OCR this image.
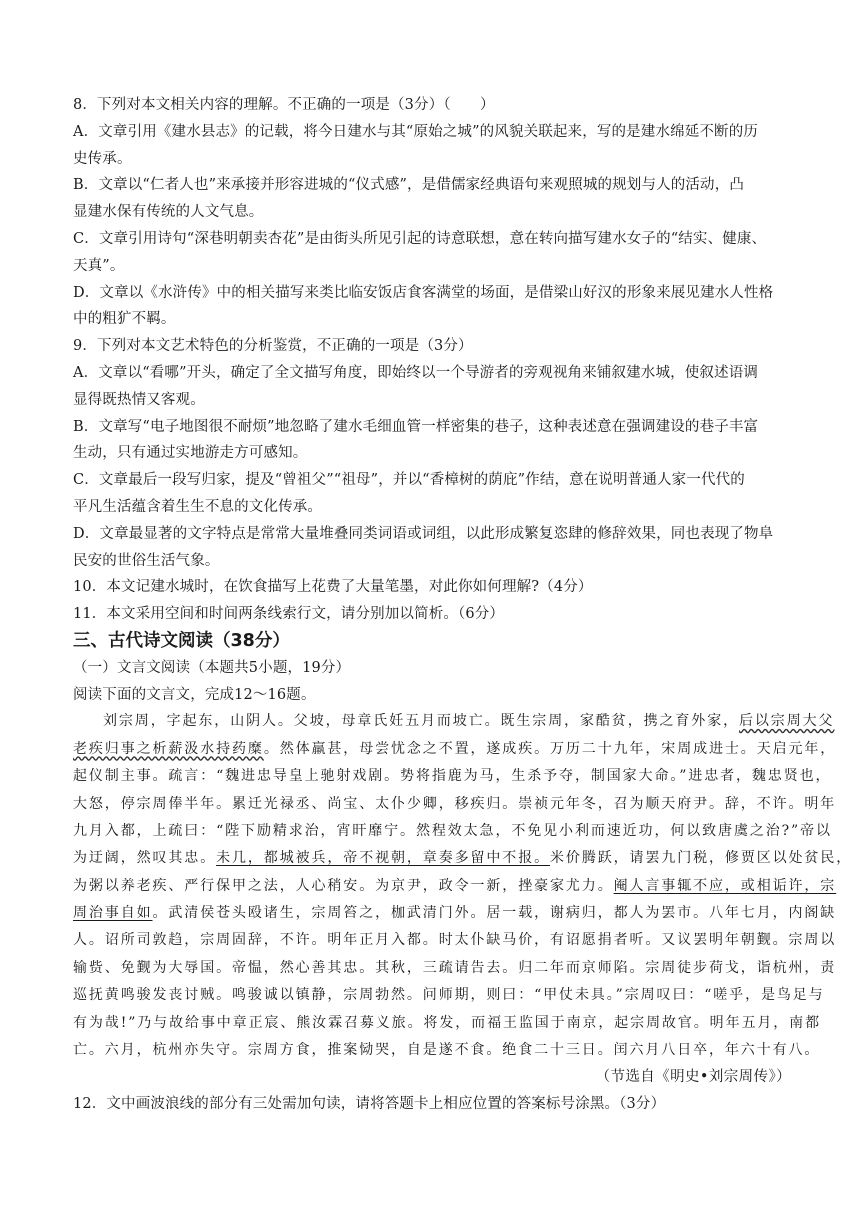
8．下列对本文相关内容的理解。不正确的一项是（3分）（　　）
A．文章引用《建水县志》的记载，将今日建水与其“原始之城”的风貌关联起来，写的是建水绵延不断的历
史传承。
B．文章以“仁者人也”来承接并形容进城的“仪式感”，是借儒家经典语句来观照城的规划与人的活动，凸
显建水保有传统的人文气息。
C．文章引用诗句“深巷明朝卖杏花”是由街头所见引起的诗意联想，意在转向描写建水女子的“结实、健康、
天真”。
D．文章以《水浒传》中的相关描写来类比临安饭店食客满堂的场面，是借梁山好汉的形象来展见建水人性格
中的粗犷不羁。
9．下列对本文艺术特色的分析鉴赏，不正确的一项是（3分）
A．文章以“看哪”开头，确定了全文描写角度，即始终以一个导游者的旁观视角来铺叙建水城，使叙述语调
显得既热情又客观。
B．文章写“电子地图很不耐烦”地忽略了建水毛细血管一样密集的巷子，这种表述意在强调建设的巷子丰富
生动，只有通过实地游走方可感知。
C．文章最后一段写归家，提及“曾祖父”“祖母”，并以“香樟树的荫庇”作结，意在说明普通人家一代代的
平凡生活蕴含着生生不息的文化传承。
D．文章最显著的文字特点是常常大量堆叠同类词语或词组，以此形成繁复恣肆的修辞效果，同也表现了物阜
民安的世俗生活气象。
10．本文记建水城时，在饮食描写上花费了大量笔墨，对此你如何理解?（4分）
11．本文采用空间和时间两条线索行文，请分别加以简析。（6分）
三、古代诗文阅读（38分）
（一）文言文阅读（本题共5小题，19分）
阅读下面的文言文，完成12～16题。
刘宗周，字起东，山阴人。父坡，母章氏妊五月而坡亡。既生宗周，家酷贫，携之育外家，后以宗周大父
老疾归事之析薪汲水持药糜。然体羸甚，母尝忧念之不置，遂成疾。万历二十九年，宋周成进士。天启元年，
起仪制主事。疏言：“魏进忠导皇上驰射戏剧。势将指鹿为马，生杀予夺，制国家大命。”进忠者，魏忠贤也，
大怒，停宗周俸半年。累迁光禄丞、尚宝、太仆少卿，移疾归。崇祯元年冬，召为顺天府尹。辞，不许。明年
九月入都，上疏曰：“陛下励精求治，宵旰靡宁。然程效太急，不免见小利而速近功，何以致唐虞之治?”帝以
为迂阔，然叹其忠。未几，都城被兵，帝不视朝，章奏多留中不报。米价腾跃，请罢九门税，修贾区以处贫民，
为粥以养老疾、严行保甲之法，人心稍安。为京尹，政令一新，挫豪家尤力。阉人言事辄不应，或相诟许，宗
周治事自如。武清侯苍头殴诸生，宗周笞之，枷武清门外。居一载，谢病归，都人为罢市。八年七月，内阁缺
人。诏所司敦趋，宗周固辞，不许。明年正月入都。时太仆缺马价，有诏愿捐者听。又议罢明年朝觐。宗周以
输赀、免觐为大辱国。帝愠，然心善其忠。其秋，三疏请告去。归二年而京师陷。宗周徒步荷戈，诣杭州，责
巡抚黄鸣骏发丧讨贼。鸣骏诚以镇静，宗周勃然。问师期，则曰：“甲仗未具。”宗周叹曰：“嗟乎，是鸟足与
有为哉!”乃与故给事中章正宸、熊汝霖召募义旅。将发，而福王监国于南京，起宗周故官。明年五月，南都
亡。六月，杭州亦失守。宗周方食，推案恸哭，自是遂不食。绝食二十三日。闰六月八日卒，年六十有八。
（节选自《明史•刘宗周传》）
12．文中画波浪线的部分有三处需加句读，请将答题卡上相应位置的答案标号涂黑。（3分）
